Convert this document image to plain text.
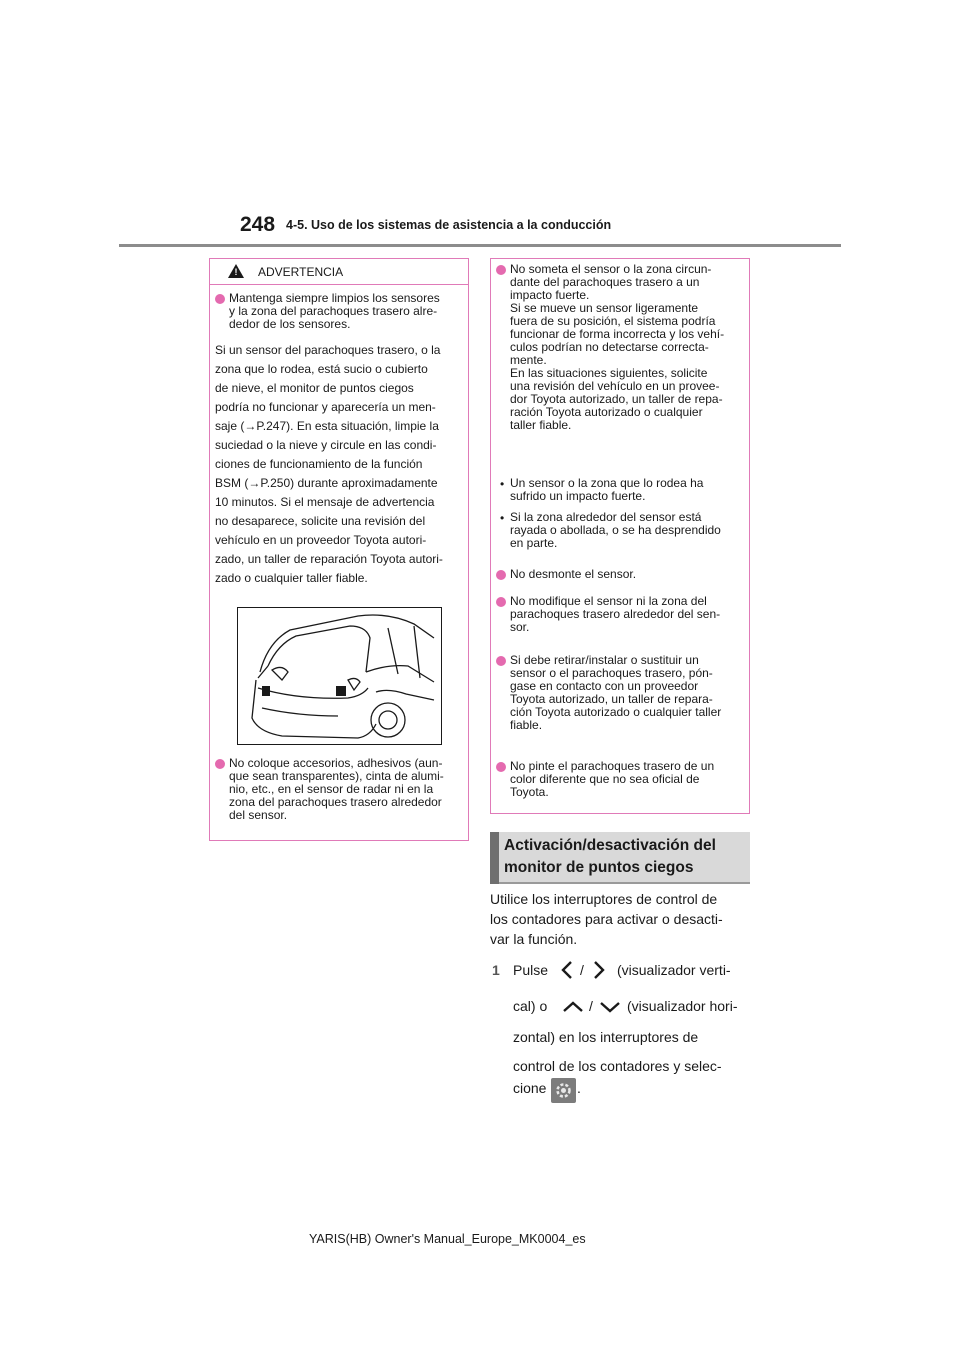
248 4-5. Uso de los sistemas de asistencia a la conducción
! ADVERTENCIA
Mantenga siempre limpios los sensores
y la zona del parachoques trasero alre-
dedor de los sensores.
Si un sensor del parachoques trasero, o la
zona que lo rodea, está sucio o cubierto
de nieve, el monitor de puntos ciegos
podría no funcionar y aparecería un men-
saje (→P.247). En esta situación, limpie la
suciedad o la nieve y circule en las condi-
ciones de funcionamiento de la función
BSM (→P.250) durante aproximadamente
10 minutos. Si el mensaje de advertencia
no desaparece, solicite una revisión del
vehículo en un proveedor Toyota autori-
zado, un taller de reparación Toyota autori-
zado o cualquier taller fiable.
No coloque accesorios, adhesivos (aun-
que sean transparentes), cinta de alumi-
nio, etc., en el sensor de radar ni en la
zona del parachoques trasero alrededor
del sensor.
No someta el sensor o la zona circun-
dante del parachoques trasero a un
impacto fuerte.
Si se mueve un sensor ligeramente
fuera de su posición, el sistema podría
funcionar de forma incorrecta y los vehí-
culos podrían no detectarse correcta-
mente.
En las situaciones siguientes, solicite
una revisión del vehículo en un provee-
dor Toyota autorizado, un taller de repa-
ración Toyota autorizado o cualquier
taller fiable.
• Un sensor o la zona que lo rodea ha
sufrido un impacto fuerte.
• Si la zona alrededor del sensor está
rayada o abollada, o se ha desprendido
en parte.
No desmonte el sensor.
No modifique el sensor ni la zona del
parachoques trasero alrededor del sen-
sor.
Si debe retirar/instalar o sustituir un
sensor o el parachoques trasero, pón-
gase en contacto con un proveedor
Toyota autorizado, un taller de repara-
ción Toyota autorizado o cualquier taller
fiable.
No pinte el parachoques trasero de un
color diferente que no sea oficial de
Toyota.
Activación/desactivación del
monitor de puntos ciegos
Utilice los interruptores de control de
los contadores para activar o desacti-
var la función.
1 Pulse / (visualizador verti-
cal) o	/ (visualizador hori-
zontal) en los interruptores de
control de los contadores y selec-
cione .
YARIS(HB) Owner's Manual_Europe_MK0004_es
